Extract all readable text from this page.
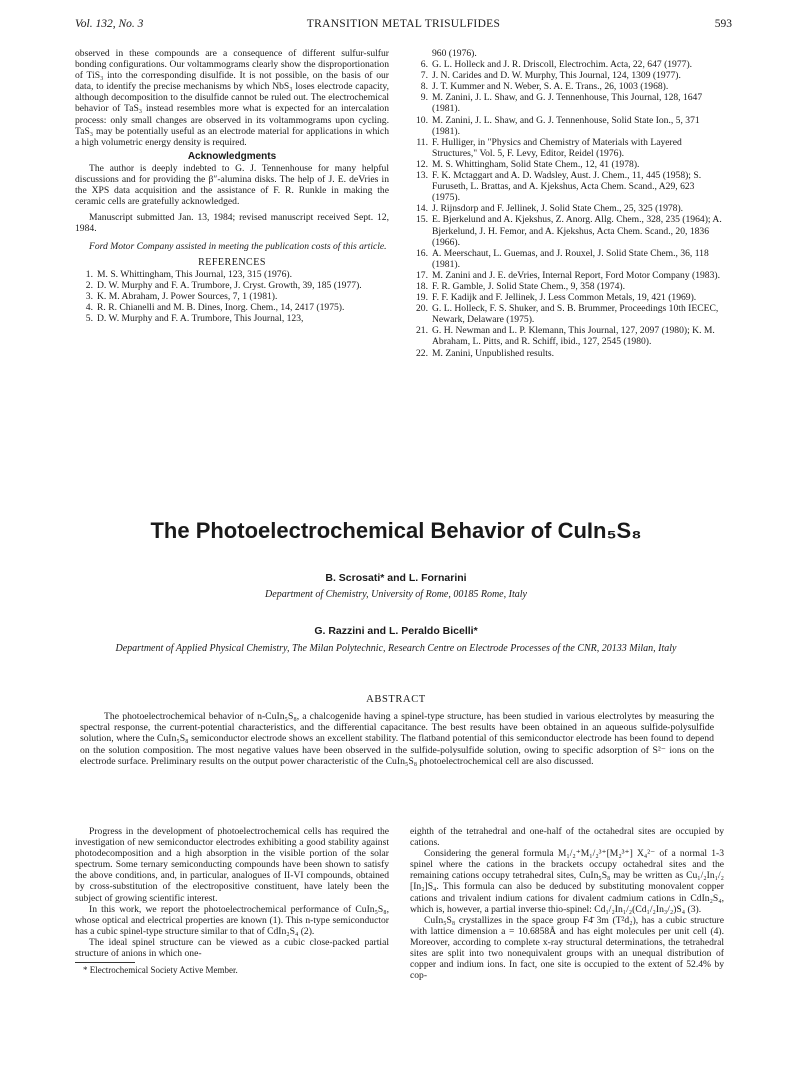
Vol. 132, No. 3	TRANSITION METAL TRISULFIDES	593

observed in these compounds are a consequence of different sulfur-sulfur bonding configurations. Our voltammograms clearly show the disproportionation of TiS₃ into the corresponding disulfide. It is not possible, on the basis of our data, to identify the precise mechanisms by which NbS₃ loses electrode capacity, although decomposition to the disulfide cannot be ruled out. The electrochemical behavior of TaS₃ instead resembles more what is expected for an intercalation process: only small changes are observed in its voltammograms upon cycling. TaS₃ may be potentially useful as an electrode material for applications in which a high volumetric energy density is required.

Acknowledgments

The author is deeply indebted to G. J. Tennenhouse for many helpful discussions and for providing the β″-alumina disks. The help of J. E. deVries in the XPS data acquisition and the assistance of F. R. Runkle in making the ceramic cells are gratefully acknowledged.

Manuscript submitted Jan. 13, 1984; revised manuscript received Sept. 12, 1984.

Ford Motor Company assisted in meeting the publication costs of this article.

REFERENCES
1. M. S. Whittingham, This Journal, 123, 315 (1976).
2. D. W. Murphy and F. A. Trumbore, J. Cryst. Growth, 39, 185 (1977).
3. K. M. Abraham, J. Power Sources, 7, 1 (1981).
4. R. R. Chianelli and M. B. Dines, Inorg. Chem., 14, 2417 (1975).
5. D. W. Murphy and F. A. Trumbore, This Journal, 123,
960 (1976).
6. G. L. Holleck and J. R. Driscoll, Electrochim. Acta, 22, 647 (1977).
7. J. N. Carides and D. W. Murphy, This Journal, 124, 1309 (1977).
8. J. T. Kummer and N. Weber, S. A. E. Trans., 26, 1003 (1968).
9. M. Zanini, J. L. Shaw, and G. J. Tennenhouse, This Journal, 128, 1647 (1981).
10. M. Zanini, J. L. Shaw, and G. J. Tennenhouse, Solid State Ion., 5, 371 (1981).
11. F. Hulliger, in "Physics and Chemistry of Materials with Layered Structures," Vol. 5, F. Levy, Editor, Reidel (1976).
12. M. S. Whittingham, Solid State Chem., 12, 41 (1978).
13. F. K. Mctaggart and A. D. Wadsley, Aust. J. Chem., 11, 445 (1958); S. Furuseth, L. Brattas, and A. Kjekshus, Acta Chem. Scand., A29, 623 (1975).
14. J. Rijnsdorp and F. Jellinek, J. Solid State Chem., 25, 325 (1978).
15. E. Bjerkelund and A. Kjekshus, Z. Anorg. Allg. Chem., 328, 235 (1964); A. Bjerkelund, J. H. Femor, and A. Kjekshus, Acta Chem. Scand., 20, 1836 (1966).
16. A. Meerschaut, L. Guemas, and J. Rouxel, J. Solid State Chem., 36, 118 (1981).
17. M. Zanini and J. E. deVries, Internal Report, Ford Motor Company (1983).
18. F. R. Gamble, J. Solid State Chem., 9, 358 (1974).
19. F. F. Kadijk and F. Jellinek, J. Less Common Metals, 19, 421 (1969).
20. G. L. Holleck, F. S. Shuker, and S. B. Brummer, Proceedings 10th IECEC, Newark, Delaware (1975).
21. G. H. Newman and L. P. Klemann, This Journal, 127, 2097 (1980); K. M. Abraham, L. Pitts, and R. Schiff, ibid., 127, 2545 (1980).
22. M. Zanini, Unpublished results.
The Photoelectrochemical Behavior of CuIn₅S₈
B. Scrosati* and L. Fornarini
Department of Chemistry, University of Rome, 00185 Rome, Italy
G. Razzini and L. Peraldo Bicelli*
Department of Applied Physical Chemistry, The Milan Polytechnic, Research Centre on Electrode Processes of the CNR, 20133 Milan, Italy
ABSTRACT
The photoelectrochemical behavior of n-CuIn₅S₈, a chalcogenide having a spinel-type structure, has been studied in various electrolytes by measuring the spectral response, the current-potential characteristics, and the differential capacitance. The best results have been obtained in an aqueous sulfide-polysulfide solution, where the CuIn₅S₈ semiconductor electrode shows an excellent stability. The flatband potential of this semiconductor electrode has been found to depend on the solution composition. The most negative values have been observed in the sulfide-polysulfide solution, owing to specific adsorption of S²⁻ ions on the electrode surface. Preliminary results on the output power characteristic of the CuIn₅S₈ photoelectrochemical cell are also discussed.

Progress in the development of photoelectrochemical cells has required the investigation of new semiconductor electrodes exhibiting a good stability against photodecomposition and a high absorption in the visible portion of the solar spectrum. Some ternary semiconducting compounds have been shown to satisfy the above conditions, and, in particular, analogues of II-VI compounds, obtained by cross-substitution of the electropositive constituent, have lately been the subject of growing scientific interest.

In this work, we report the photoelectrochemical performance of CuIn₅S₈, whose optical and electrical properties are known (1). This n-type semiconductor has a cubic spinel-type structure similar to that of CdIn₂S₄ (2).

The ideal spinel structure can be viewed as a cubic close-packed partial structure of anions in which one-

* Electrochemical Society Active Member.

eighth of the tetrahedral and one-half of the octahedral sites are occupied by cations.

Considering the general formula M₁/₂⁺M₁/₂³⁺[M₂³⁺] X₄²⁻ of a normal 1-3 spinel where the cations in the brackets occupy octahedral sites and the remaining cations occupy tetrahedral sites, CuIn₅S₈ may be written as Cu₁/₂In₁/₂ [In₂]S₄. This formula can also be deduced by substituting monovalent copper cations and trivalent indium cations for divalent cadmium cations in CdIn₂S₄, which is, however, a partial inverse thio-spinel: Cd₁/₂In₁/₂(Cd₁/₂In₃/₂)S₄ (3).

CuIn₅S₈ crystallizes in the space group F4̄ 3m (T²d₂), has a cubic structure with lattice dimension a = 10.6858Å and has eight molecules per unit cell (4). Moreover, according to complete x-ray structural determinations, the tetrahedral sites are split into two nonequivalent groups with an unequal distribution of copper and indium ions. In fact, one site is occupied to the extent of 52.4% by cop-
